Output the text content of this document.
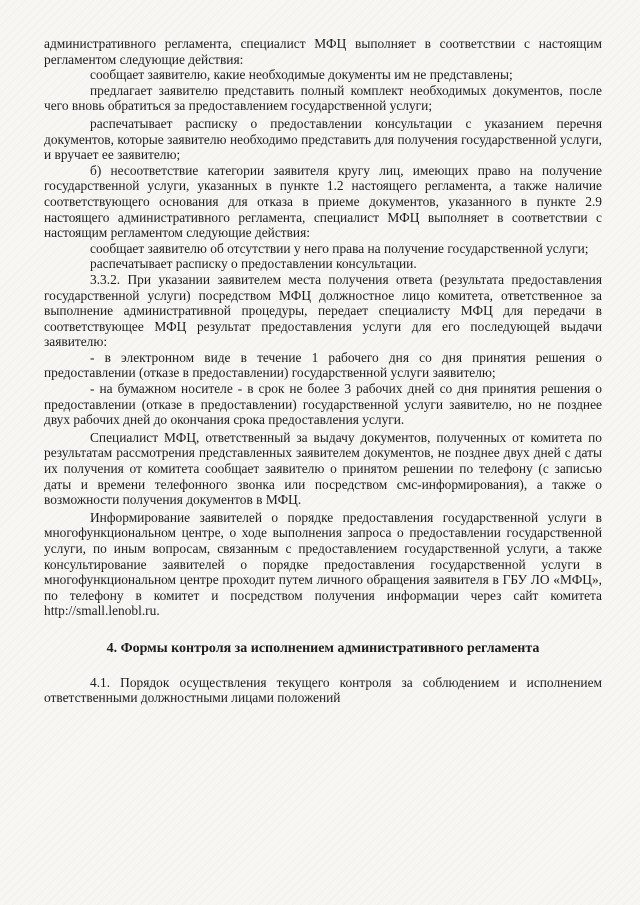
административного регламента, специалист МФЦ выполняет в соответствии с настоящим регламентом следующие действия:

сообщает заявителю, какие необходимые документы им не представлены;

предлагает заявителю представить полный комплект необходимых документов, после чего вновь обратиться за предоставлением государственной услуги;

распечатывает расписку о предоставлении консультации с указанием перечня документов, которые заявителю необходимо представить для получения государственной услуги, и вручает ее заявителю;

б) несоответствие категории заявителя кругу лиц, имеющих право на получение государственной услуги, указанных в пункте 1.2 настоящего регламента, а также наличие соответствующего основания для отказа в приеме документов, указанного в пункте 2.9 настоящего административного регламента, специалист МФЦ выполняет в соответствии с настоящим регламентом следующие действия:

сообщает заявителю об отсутствии у него права на получение государственной услуги;

распечатывает расписку о предоставлении консультации.

3.3.2. При указании заявителем места получения ответа (результата предоставления государственной услуги) посредством МФЦ должностное лицо комитета, ответственное за выполнение административной процедуры, передает специалисту МФЦ для передачи в соответствующее МФЦ результат предоставления услуги для его последующей выдачи заявителю:

- в электронном виде в течение 1 рабочего дня со дня принятия решения о предоставлении (отказе в предоставлении) государственной услуги заявителю;

- на бумажном носителе - в срок не более 3 рабочих дней со дня принятия решения о предоставлении (отказе в предоставлении) государственной услуги заявителю, но не позднее двух рабочих дней до окончания срока предоставления услуги.

Специалист МФЦ, ответственный за выдачу документов, полученных от комитета по результатам рассмотрения представленных заявителем документов, не позднее двух дней с даты их получения от комитета сообщает заявителю о принятом решении по телефону (с записью даты и времени телефонного звонка или посредством смс-информирования), а также о возможности получения документов в МФЦ.

Информирование заявителей о порядке предоставления государственной услуги в многофункциональном центре, о ходе выполнения запроса о предоставлении государственной услуги, по иным вопросам, связанным с предоставлением государственной услуги, а также консультирование заявителей о порядке предоставления государственной услуги в многофункциональном центре проходит путем личного обращения заявителя в ГБУ ЛО «МФЦ», по телефону в комитет и посредством получения информации через сайт комитета http://small.lenobl.ru.

4. Формы контроля за исполнением административного регламента

4.1. Порядок осуществления текущего контроля за соблюдением и исполнением ответственными должностными лицами положений
